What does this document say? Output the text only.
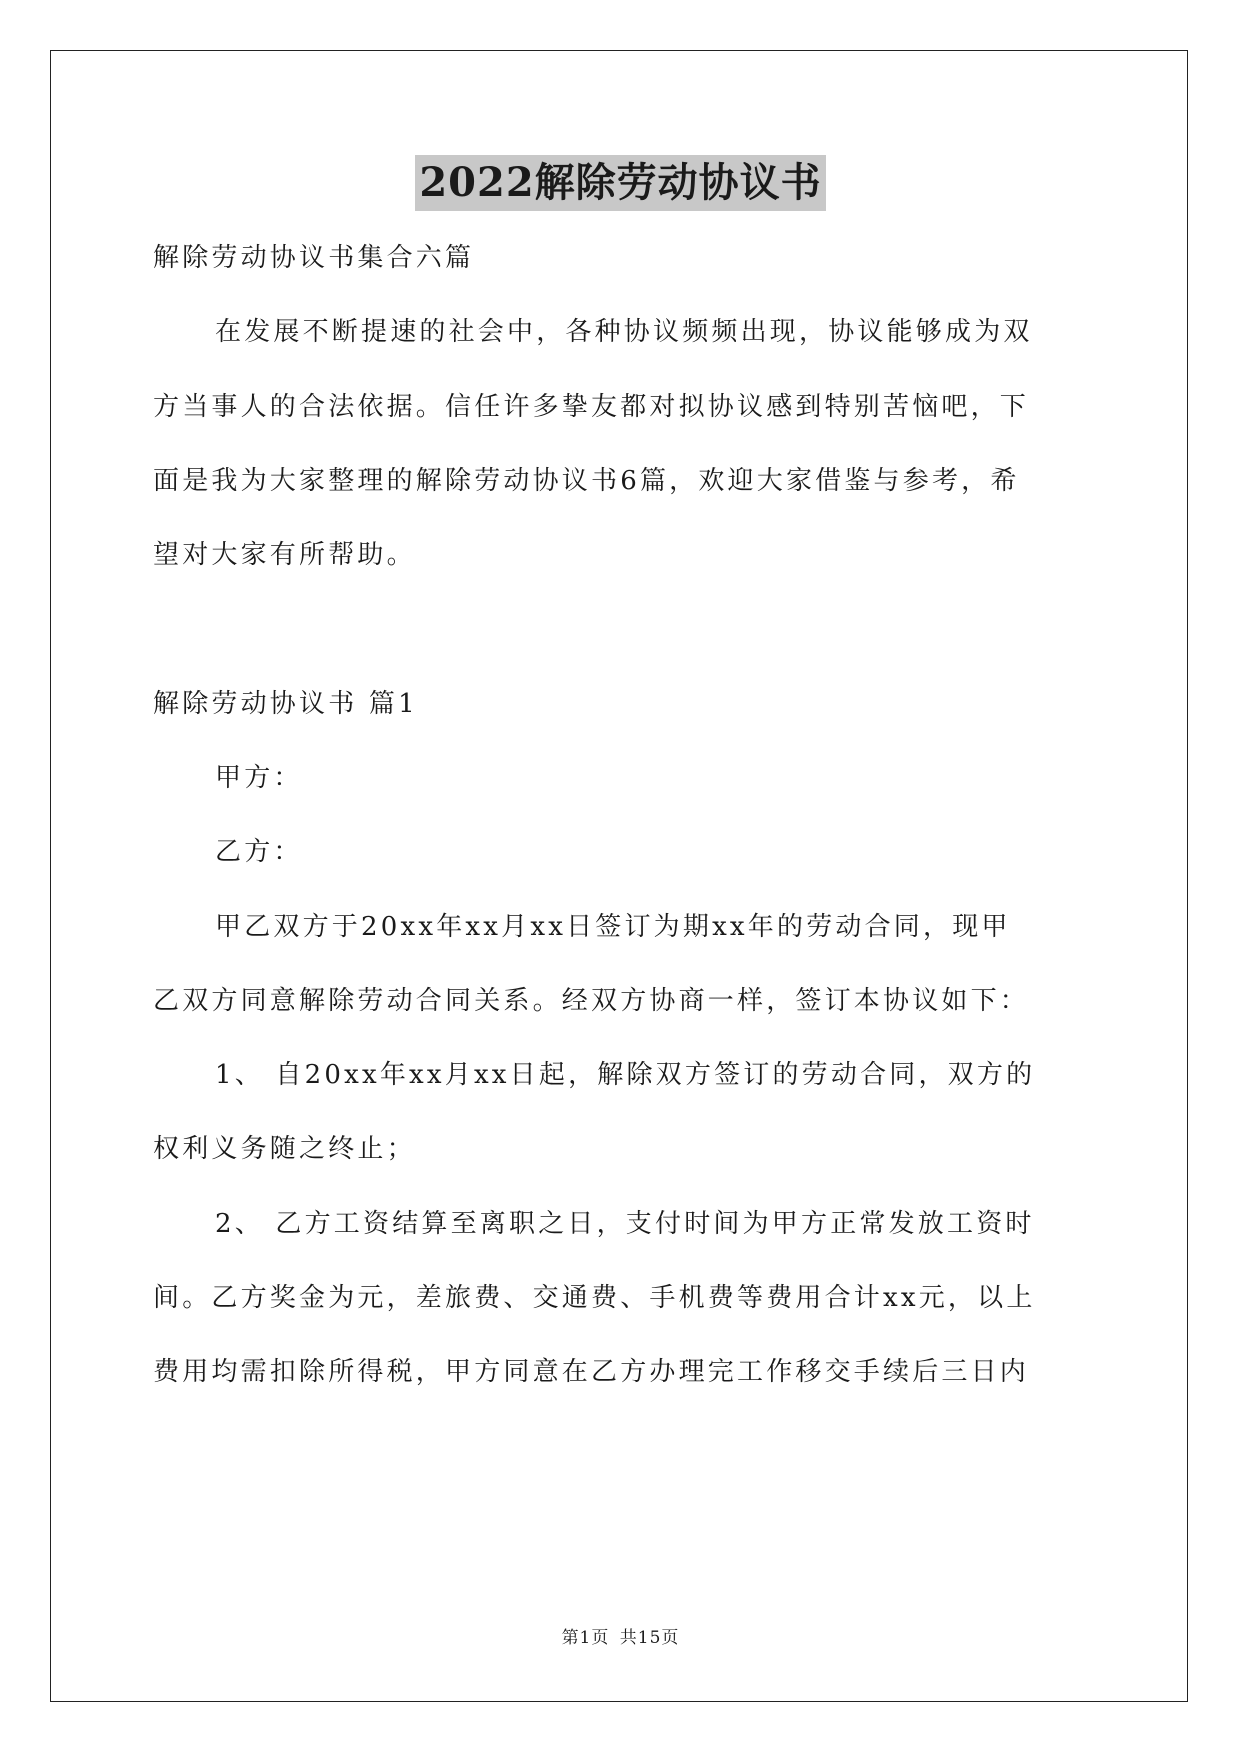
2022解除劳动协议书
解除劳动协议书集合六篇
在发展不断提速的社会中，各种协议频频出现，协议能够成为双
方当事人的合法依据。信任许多挚友都对拟协议感到特别苦恼吧，下
面是我为大家整理的解除劳动协议书6篇，欢迎大家借鉴与参考，希
望对大家有所帮助。
解除劳动协议书 篇1
甲方：
乙方：
甲乙双方于20xx年xx月xx日签订为期xx年的劳动合同，现甲
乙双方同意解除劳动合同关系。经双方协商一样，签订本协议如下：
1、 自20xx年xx月xx日起，解除双方签订的劳动合同，双方的
权利义务随之终止；
2、 乙方工资结算至离职之日，支付时间为甲方正常发放工资时
间。乙方奖金为元，差旅费、交通费、手机费等费用合计xx元，以上
费用均需扣除所得税，甲方同意在乙方办理完工作移交手续后三日内
第1页 共15页
